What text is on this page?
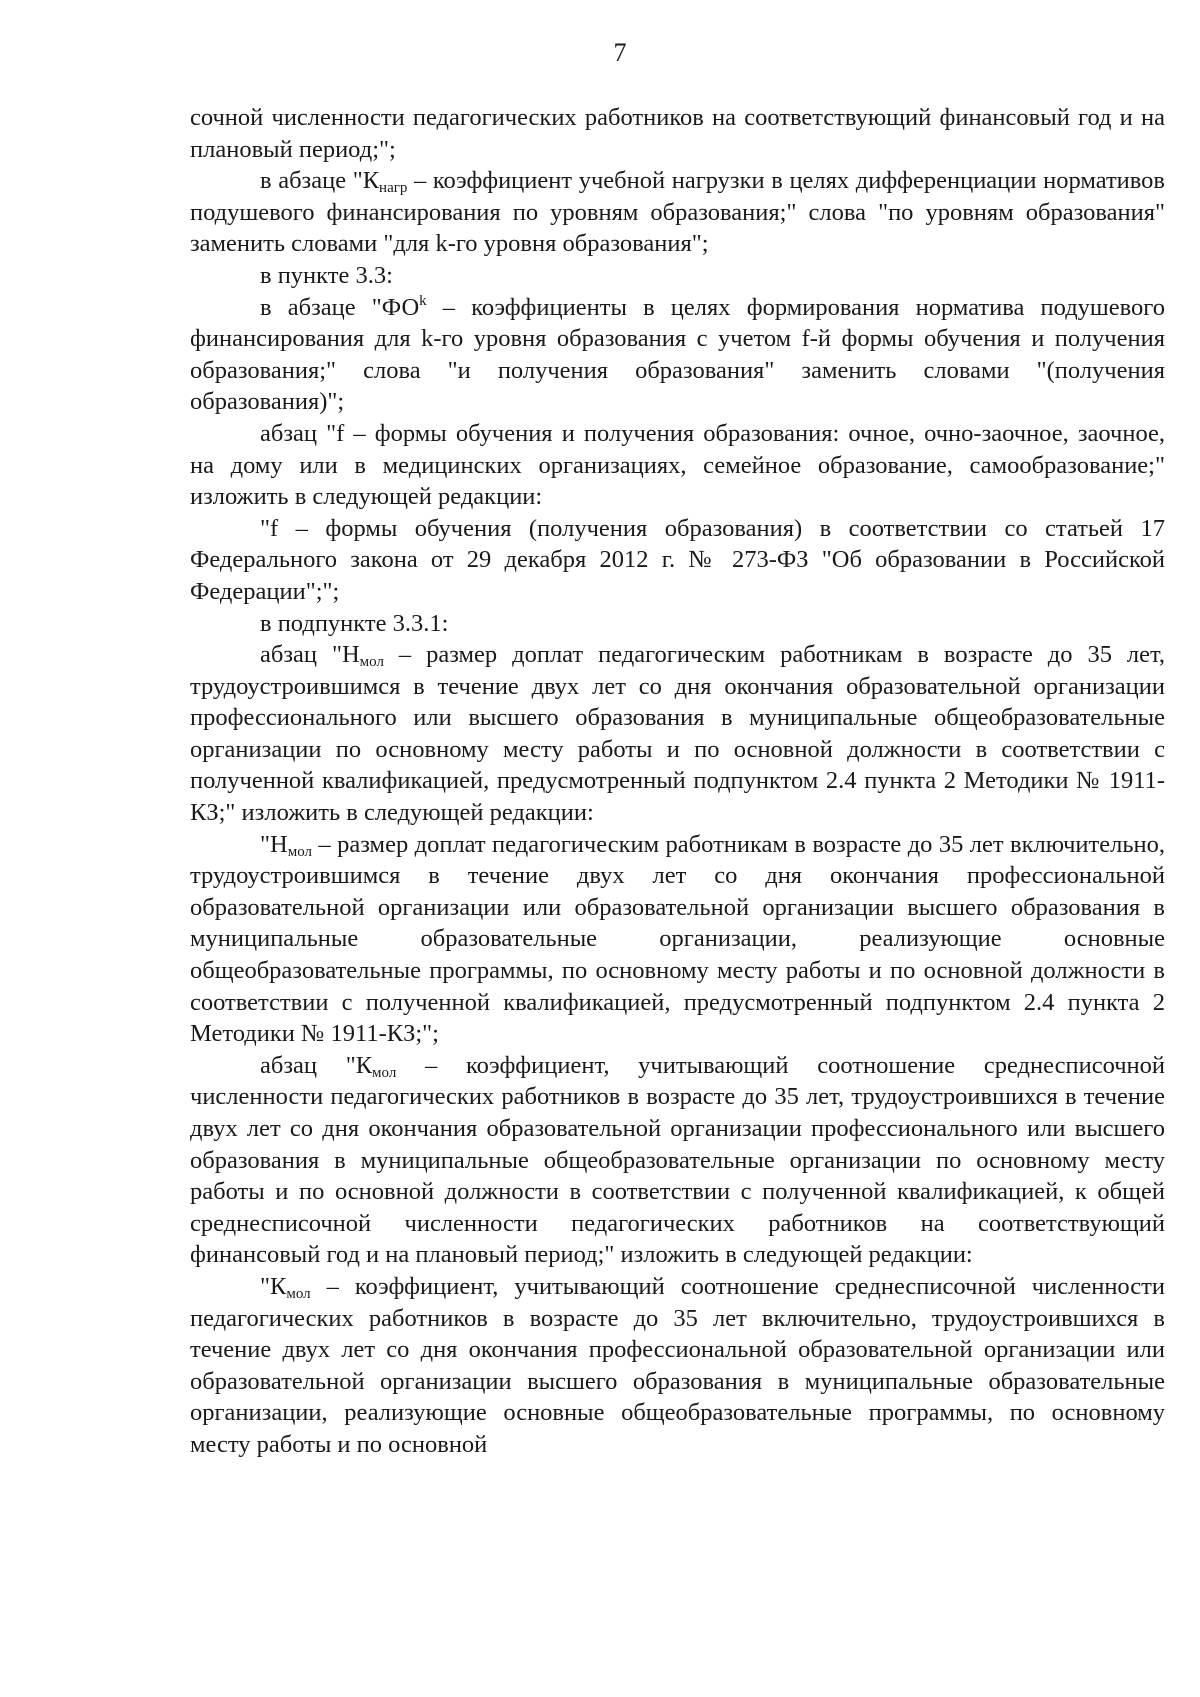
7

сочной численности педагогических работников на соответствующий финансовый год и на плановый период;";

в абзаце "$К_{нагр}$ – коэффициент учебной нагрузки в целях дифференциации нормативов подушевого финансирования по уровням образования;" слова "по уровням образования" заменить словами "для k-го уровня образования";

в пункте 3.3:

в абзаце "$ФО^k$ – коэффициенты в целях формирования норматива подушевого финансирования для k-го уровня образования с учетом f-й формы обучения и получения образования;" слова "и получения образования" заменить словами "(получения образования)";

абзац "f – формы обучения и получения образования: очное, очно-заочное, заочное, на дому или в медицинских организациях, семейное образование, самообразование;" изложить в следующей редакции:

"f – формы обучения (получения образования) в соответствии со статьей 17 Федерального закона от 29 декабря 2012 г. № 273-ФЗ "Об образовании в Российской Федерации";";

в подпункте 3.3.1:

абзац "$Н_{мол}$ – размер доплат педагогическим работникам в возрасте до 35 лет, трудоустроившимся в течение двух лет со дня окончания образовательной организации профессионального или высшего образования в муниципальные общеобразовательные организации по основному месту работы и по основной должности в соответствии с полученной квалификацией, предусмотренный подпунктом 2.4 пункта 2 Методики № 1911-КЗ;" изложить в следующей редакции:

"$Н_{мол}$ – размер доплат педагогическим работникам в возрасте до 35 лет включительно, трудоустроившимся в течение двух лет со дня окончания профессиональной образовательной организации или образовательной организации высшего образования в муниципальные образовательные организации, реализующие основные общеобразовательные программы, по основному месту работы и по основной должности в соответствии с полученной квалификацией, предусмотренный подпунктом 2.4 пункта 2 Методики № 1911-КЗ;";

абзац "$К_{мол}$ – коэффициент, учитывающий соотношение среднесписочной численности педагогических работников в возрасте до 35 лет, трудоустроившихся в течение двух лет со дня окончания образовательной организации профессионального или высшего образования в муниципальные общеобразовательные организации по основному месту работы и по основной должности в соответствии с полученной квалификацией, к общей среднесписочной численности педагогических работников на соответствующий финансовый год и на плановый период;" изложить в следующей редакции:

"$К_{мол}$ – коэффициент, учитывающий соотношение среднесписочной численности педагогических работников в возрасте до 35 лет включительно, трудоустроившихся в течение двух лет со дня окончания профессиональной образовательной организации или образовательной организации высшего образования в муниципальные образовательные организации, реализующие основные общеобразовательные программы, по основному месту работы и по основной
